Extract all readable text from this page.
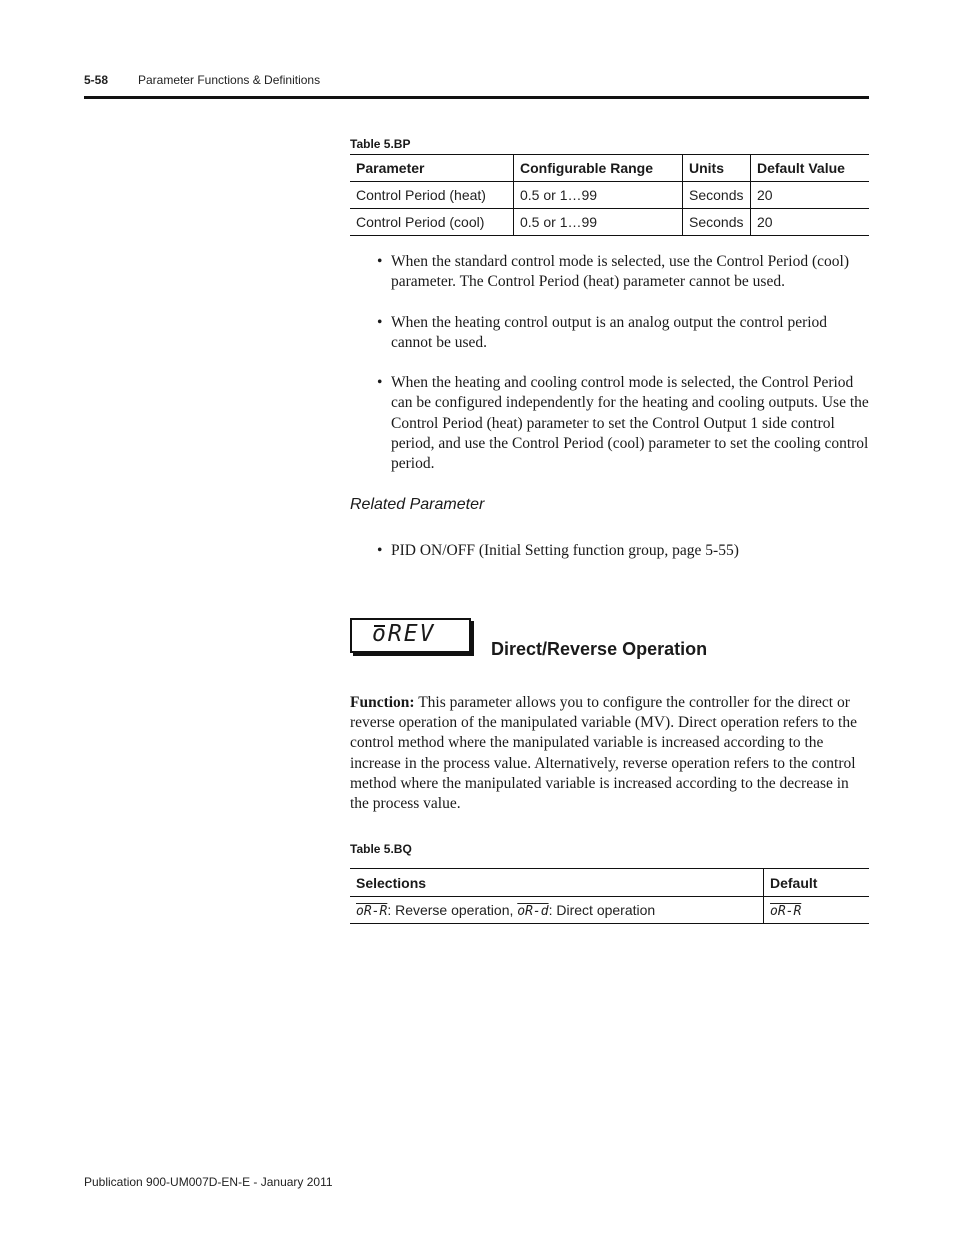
5-58 Parameter Functions & Definitions
Table 5.BP
Parameter	Configurable Range	Units	Default Value
Control Period (heat)	0.5 or 1…99	Seconds	20
Control Period (cool)	0.5 or 1…99	Seconds	20

• When the standard control mode is selected, use the Control Period (cool) parameter. The Control Period (heat) parameter cannot be used.

• When the heating control output is an analog output the control period cannot be used.

• When the heating and cooling control mode is selected, the Control Period can be configured independently for the heating and cooling outputs. Use the Control Period (heat) parameter to set the Control Output 1 side control period, and use the Control Period (cool) parameter to set the cooling control period.

Related Parameter

• PID ON/OFF (Initial Setting function group, page 5-55)

oREV
Direct/Reverse Operation
Function: This parameter allows you to configure the controller for the direct or reverse operation of the manipulated variable (MV). Direct operation refers to the control method where the manipulated variable is increased according to the increase in the process value. Alternatively, reverse operation refers to the control method where the manipulated variable is increased according to the decrease in the process value.
Table 5.BQ
Selections	Default
oR-R: Reverse operation, oR-d: Direct operation	oR-R
Publication 900-UM007D-EN-E - January 2011
